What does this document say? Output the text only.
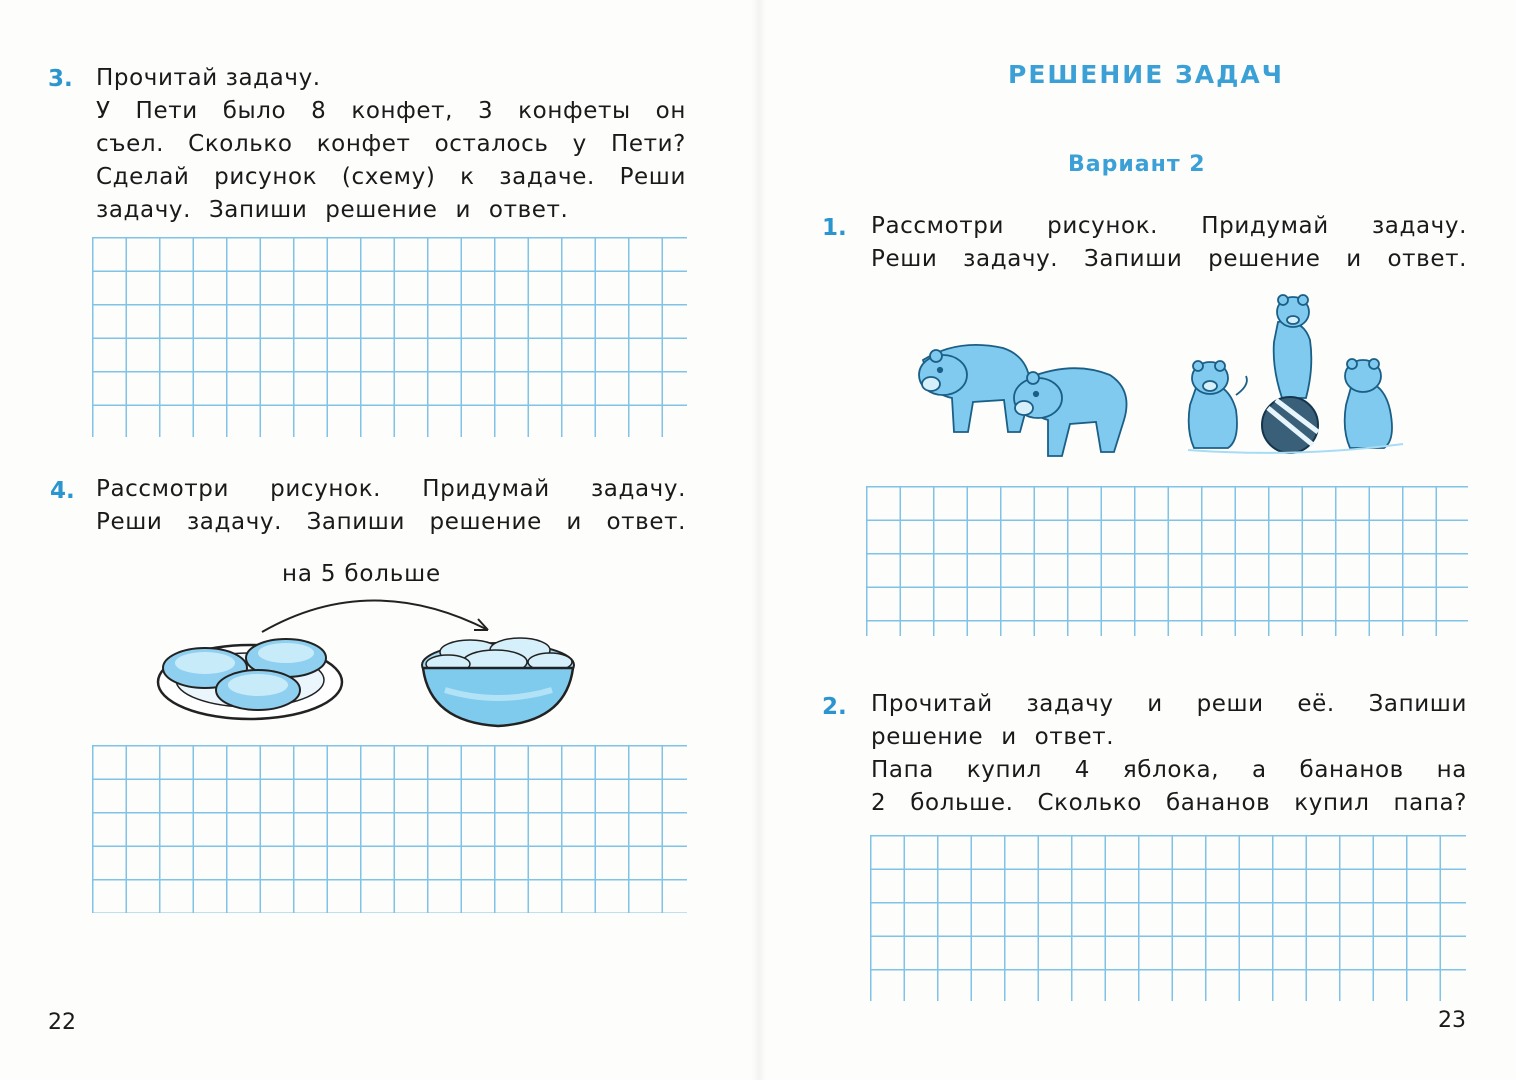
3. Прочитай задачу.
У Пети было 8 конфет, 3 конфеты он
съел. Сколько конфет осталось у Пети?
Сделай рисунок (схему) к задаче. Реши
задачу. Запиши решение и ответ.
4. Рассмотри рисунок. Придумай задачу.
Реши задачу. Запиши решение и ответ.
на 5 больше
22
РЕШЕНИЕ ЗАДАЧ
Вариант 2
1. Рассмотри рисунок. Придумай задачу.
Реши задачу. Запиши решение и ответ.
2. Прочитай задачу и реши её. Запиши
решение и ответ.
Папа купил 4 яблока, а бананов на
2 больше. Сколько бананов купил папа?
23
